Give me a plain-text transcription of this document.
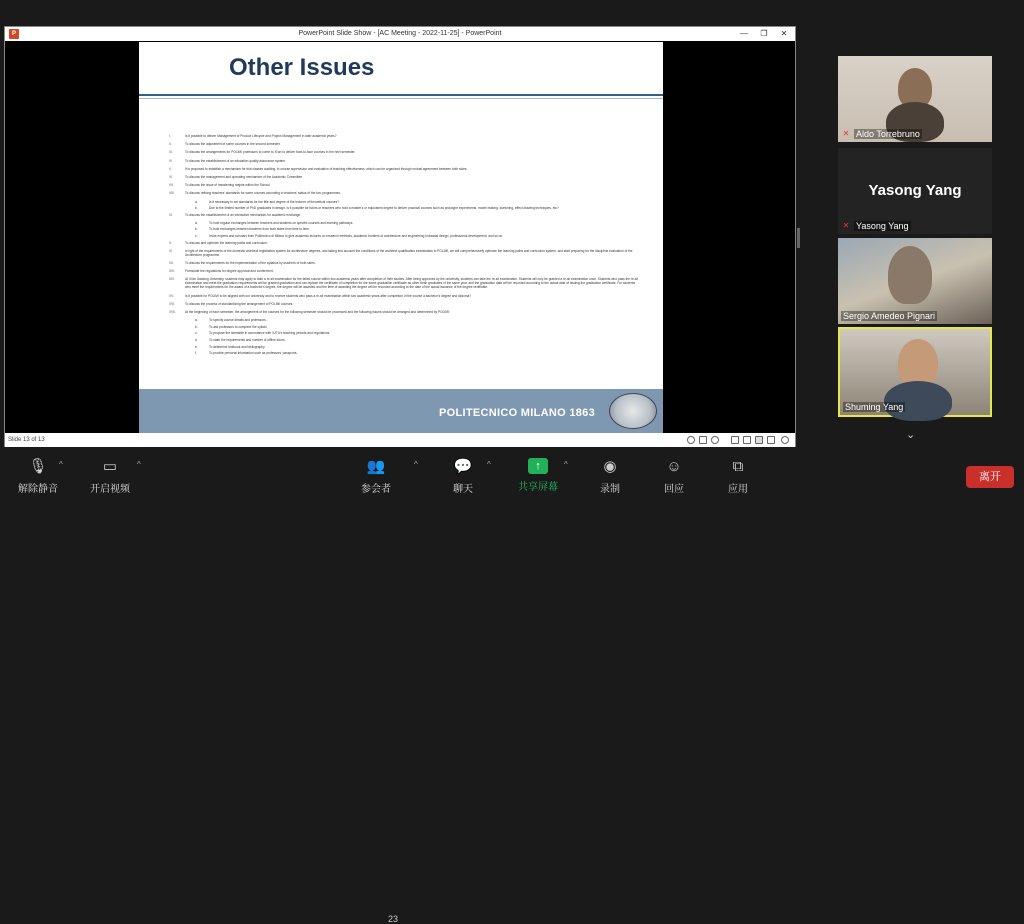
P	PowerPoint Slide Show - [AC Meeting - 2022-11-25] - PowerPoint	—	❐	✕
Other Issues
I.	Is it possible to deliver Management of Product Lifecycle and Project Management in later academic years?
II.	To discuss the adjustment of some courses in the second semester.
III.	To discuss the arrangements for POLIMI professors to come to Xi'an to deliver face-to-face courses in the next semester.
IV.	To discuss the establishment of an education quality assurance system.
V.	It is proposed to establish a mechanism for trial classes auditing, in-course supervision and evaluation of teaching effectiveness, which can be organized through mutual agreement between both sides.
VI.	To discuss the management and operating mechanism of the Academic Committee.
VII.	To discuss the issue of transferring majors within the School.
VIII.	To discuss refining teachers' standards for some courses according to teachers' status of the two programmes.
a.	Is it necessary to set standards for the title and degree of the lecturer of theoretical courses?
b.	Due to the limited number of PhD graduates in design, is it possible for tutors or teachers who hold a master's or equivalent degree to deliver practical courses such as prototype experiments, model making, sketching, effect drawing techniques, etc?
IX.	To discuss the establishment of an interactive mechanism for academic exchange.
a.	To hold regular exchanges between teachers and students on specific courses and learning pathways.
b.	To hold exchanges between teachers from both sides from time to time.
c.	Invite experts and scholars from Politecnico di Milano to give academic lectures on research methods, academic frontiers of architecture and engineering industrial design, professional development, and so on.
X.	To discuss and optimize the learning paths and curriculum.
XI.	In light of the requirements of the domestic architect registration system for architecture degrees, and taking into account the conditions of the architect qualification examination in POLIMI, we will comprehensively optimize the learning paths and curriculum system, and start preparing for the discipline evaluation of the Architecture programme.
XII.	To discuss the requirements for the implementation of the syllabus by teachers of both sides.
XIII.	Formulate the regulations for degree approval and conferment.
XIV.	At Xi'an Jiaotong University, students may apply to take a re-sit examination for the failed course within two academic years after completion of their studies. After being approved by the university, students can take the re-sit examination. Students will only be granted a re-sit examination once. Students who pass the re-sit examination and meet the graduation requirements will be granted graduation and can replace the certificate of completion for the same graduation certificate as other fresh graduates of the same year, and the graduation date will be recorded according to the actual date of issuing the graduation certificate. For students who meet the requirements for the award of a bachelor's degree, the degree will be awarded and the time of awarding the degree will be recorded according to the date of the actual issuance of the degree certificate.
XV.	Is it possible for POLIMI to be aligned with our university and to receive students who pass a re-sit examination within two academic years after completion of the course a bachelor's degree and diploma?
XVI.	To discuss the process of standardizing the arrangement of POLIMI courses.
XVII.	At the beginning of each semester, the arrangement of the courses for the following semester should be processed and the following issues should be arranged and determined by POLIMI:
a.	To specify course details and professors.
b.	To ask professors to complete the syllabi.
c.	To propose the timetable in accordance with XJTU's teaching periods and regulations.
d.	To state the requirements and number of offline tutors.
e.	To determine textbook and bibliography.
f.	To provide personal information such as professors' passports.
POLITECNICO MILANO 1863
Slide 13 of 13
✕ Aldo Torrebruno
Yasong Yang
✕ Yasong Yang
Sergio Amedeo Pignari
Shuming Yang
⌄
🎙
解除静音
^	▭
开启视频
^	👥
参会者
23
^	💬
聊天
^	↑
共享屏幕
^	◉
录制
☺
回应
⧉
应用
离开
